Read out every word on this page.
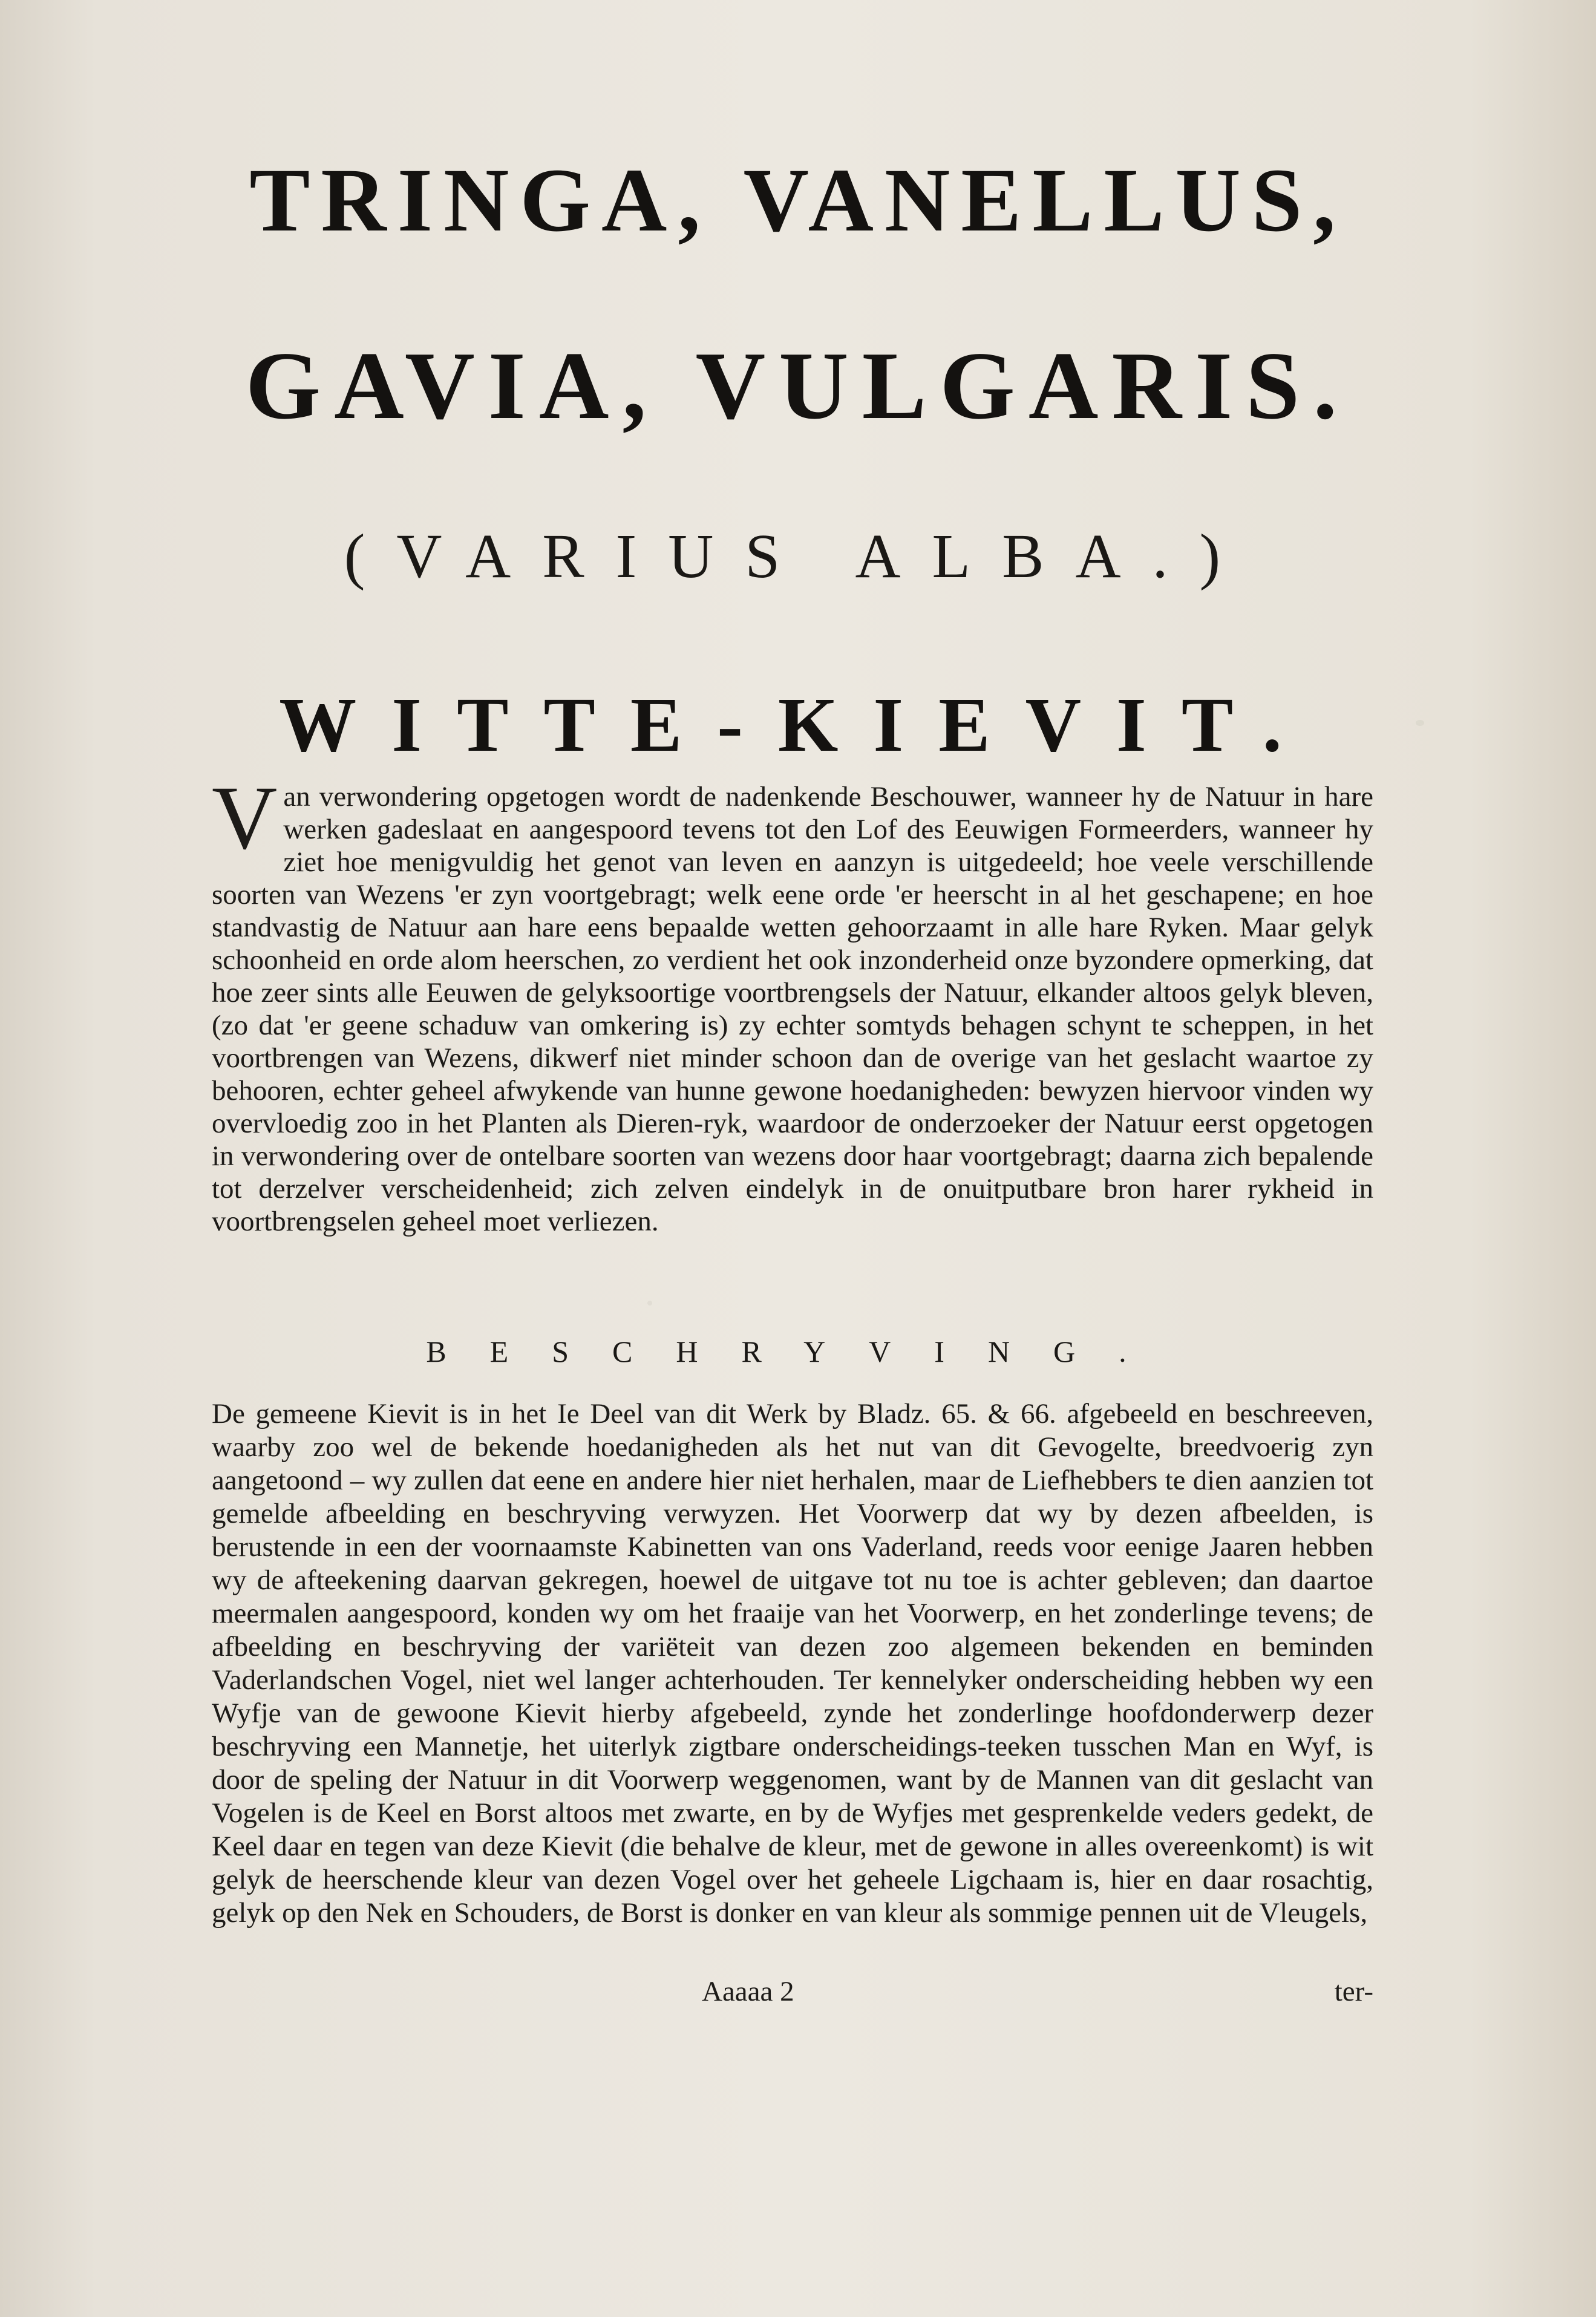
TRINGA, VANELLUS,
GAVIA, VULGARIS.
(VARIUS ALBA.)
WITTE-KIEVIT.
V an verwondering opgetogen wordt de nadenkende Beschouwer, wanneer hy de Natuur in hare werken gadeslaat en aangespoord tevens tot den Lof des Eeuwigen Formeerders, wanneer hy ziet hoe menigvuldig het genot van leven en aanzyn is uitgedeeld; hoe veele verschillende soorten van Wezens 'er zyn voortgebragt; welk eene orde 'er heerscht in al het geschapene; en hoe standvastig de Natuur aan hare eens bepaalde wetten gehoorzaamt in alle hare Ryken. Maar gelyk schoonheid en orde alom heerschen, zo verdient het ook inzonderheid onze byzondere opmerking, dat hoe zeer sints alle Eeuwen de gelyksoortige voortbrengsels der Natuur, elkander altoos gelyk bleven, (zo dat 'er geene schaduw van omkering is) zy echter somtyds behagen schynt te scheppen, in het voortbrengen van Wezens, dikwerf niet minder schoon dan de overige van het geslacht waartoe zy behooren, echter geheel afwykende van hunne gewone hoedanigheden: bewyzen hiervoor vinden wy overvloedig zoo in het Planten als Dieren-ryk, waardoor de onderzoeker der Natuur eerst opgetogen in verwondering over de ontelbare soorten van wezens door haar voortgebragt; daarna zich bepalende tot derzelver verscheidenheid; zich zelven eindelyk in de onuitputbare bron harer rykheid in voortbrengselen geheel moet verliezen.
BESCHRYVING.
De gemeene Kievit is in het Ie Deel van dit Werk by Bladz. 65. & 66. afgebeeld en beschreeven, waarby zoo wel de bekende hoedanigheden als het nut van dit Gevogelte, breedvoerig zyn aangetoond – wy zullen dat eene en andere hier niet herhalen, maar de Liefhebbers te dien aanzien tot gemelde afbeelding en beschryving verwyzen. Het Voorwerp dat wy by dezen afbeelden, is berustende in een der voornaamste Kabinetten van ons Vaderland, reeds voor eenige Jaaren hebben wy de afteekening daarvan gekregen, hoewel de uitgave tot nu toe is achter gebleven; dan daartoe meermalen aangespoord, konden wy om het fraaije van het Voorwerp, en het zonderlinge tevens; de afbeelding en beschryving der variëteit van dezen zoo algemeen bekenden en beminden Vaderlandschen Vogel, niet wel langer achterhouden. Ter kennelyker onderscheiding hebben wy een Wyfje van de gewoone Kievit hierby afgebeeld, zynde het zonderlinge hoofdonderwerp dezer beschryving een Mannetje, het uiterlyk zigtbare onderscheidings-teeken tusschen Man en Wyf, is door de speling der Natuur in dit Voorwerp weggenomen, want by de Mannen van dit geslacht van Vogelen is de Keel en Borst altoos met zwarte, en by de Wyfjes met gesprenkelde veders gedekt, de Keel daar en tegen van deze Kievit (die behalve de kleur, met de gewone in alles overeenkomt) is wit gelyk de heerschende kleur van dezen Vogel over het geheele Ligchaam is, hier en daar rosachtig, gelyk op den Nek en Schouders, de Borst is donker en van kleur als sommige pennen uit de Vleugels,
Aaaaa 2	ter-
